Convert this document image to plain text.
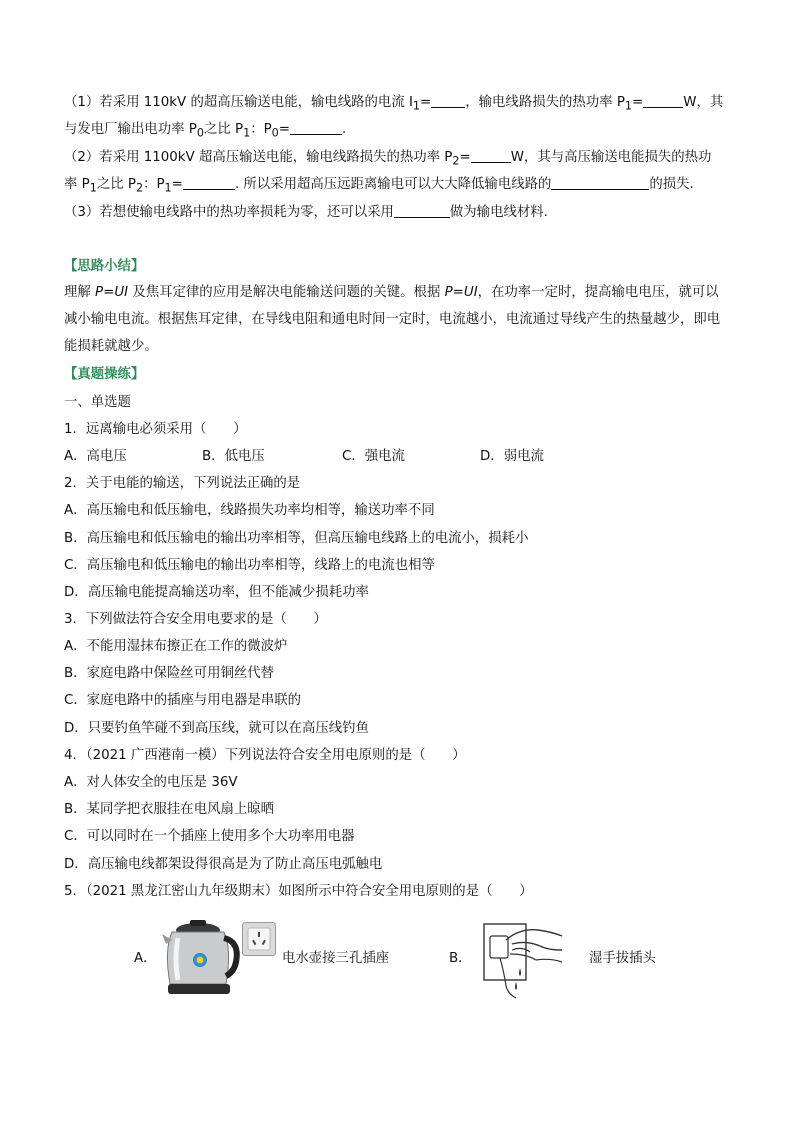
（1）若采用 110kV 的超高压输送电能，输电线路的电流 $I_1=$	，输电线路损失的热功率 $P_1=$	W，其
与发电厂输出电功率 $P_0$之比 $P_1$：$P_0=$	.
（2）若采用 1100kV 超高压输送电能，输电线路损失的热功率 $P_2=$	W，其与高压输送电能损失的热功
率 $P_1$之比 $P_2$：$P_1=$	. 所以采用超高压远距离输电可以大大降低输电线路的	的损失.
（3）若想使输电线路中的热功率损耗为零，还可以采用	做为输电线材料.
【思路小结】
理解 P=UI 及焦耳定律的应用是解决电能输送问题的关键。根据 P=UI，在功率一定时，提高输电电压，就可以减小输电电流。根据焦耳定律，在导线电阻和通电时间一定时，电流越小，电流通过导线产生的热量越少，即电能损耗就越少。
【真题操练】
一、单选题
1．远离输电必须采用（　　）
A．高电压	B．低电压	C．强电流	D．弱电流
2．关于电能的输送，下列说法正确的是
A．高压输电和低压输电，线路损失功率均相等，输送功率不同
B．高压输电和低压输电的输出功率相等，但高压输电线路上的电流小，损耗小
C．高压输电和低压输电的输出功率相等，线路上的电流也相等
D．高压输电能提高输送功率，但不能减少损耗功率
3．下列做法符合安全用电要求的是（　　）
A．不能用湿抹布擦正在工作的微波炉
B．家庭电路中保险丝可用铜丝代替
C．家庭电路中的插座与用电器是串联的
D．只要钓鱼竿碰不到高压线，就可以在高压线钓鱼
4．（2021 广西港南一模）下列说法符合安全用电原则的是（　　）
A．对人体安全的电压是 36V
B．某同学把衣服挂在电风扇上晾晒
C．可以同时在一个插座上使用多个大功率用电器
D．高压输电线都架设得很高是为了防止高压电弧触电
5．（2021 黑龙江密山九年级期末）如图所示中符合安全用电原则的是（　　）
A．	电水壶接三孔插座	B．	湿手拔插头
